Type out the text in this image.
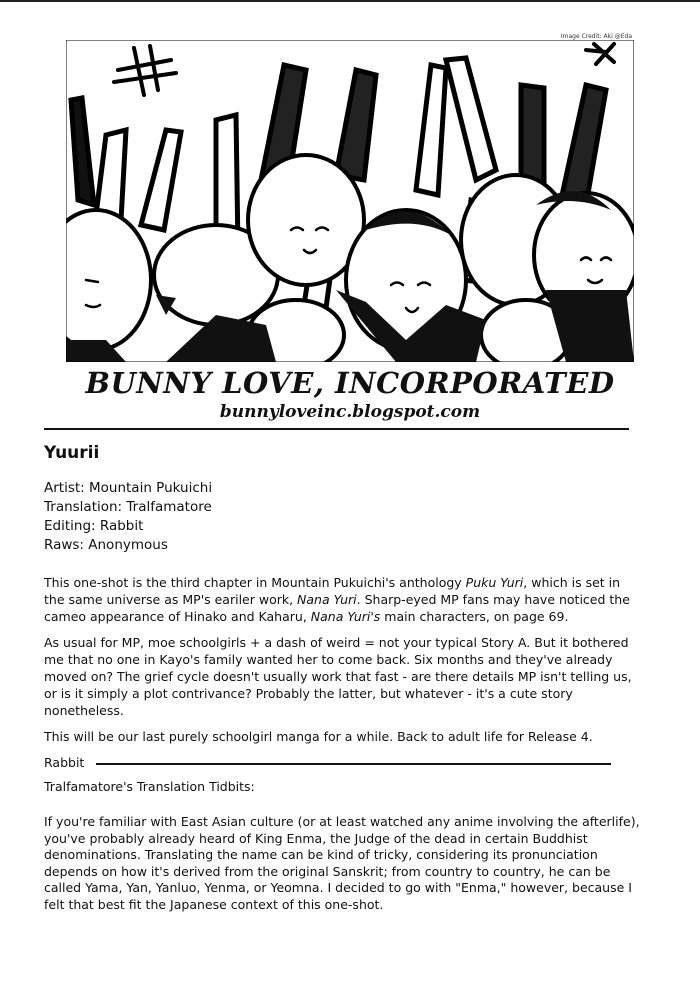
Image Credit: Aki @Eda
BUNNY LOVE, INCORPORATED
bunnyloveinc.blogspot.com
Yuurii
Artist: Mountain Pukuichi
Translation: Tralfamatore
Editing: Rabbit
Raws: Anonymous

This one-shot is the third chapter in Mountain Pukuichi's anthology Puku Yuri, which is set in the same universe as MP's eariler work, Nana Yuri. Sharp-eyed MP fans may have noticed the cameo appearance of Hinako and Kaharu, Nana Yuri's main characters, on page 69.

As usual for MP, moe schoolgirls + a dash of weird = not your typical Story A. But it bothered me that no one in Kayo's family wanted her to come back. Six months and they've already moved on? The grief cycle doesn't usually work that fast - are there details MP isn't telling us, or is it simply a plot contrivance? Probably the latter, but whatever - it's a cute story nonetheless.

This will be our last purely schoolgirl manga for a while. Back to adult life for Release 4.

Rabbit

Tralfamatore's Translation Tidbits:

If you're familiar with East Asian culture (or at least watched any anime involving the afterlife), you've probably already heard of King Enma, the Judge of the dead in certain Buddhist denominations. Translating the name can be kind of tricky, considering its pronunciation depends on how it's derived from the original Sanskrit; from country to country, he can be called Yama, Yan, Yanluo, Yenma, or Yeomna. I decided to go with "Enma," however, because I felt that best fit the Japanese context of this one-shot.
